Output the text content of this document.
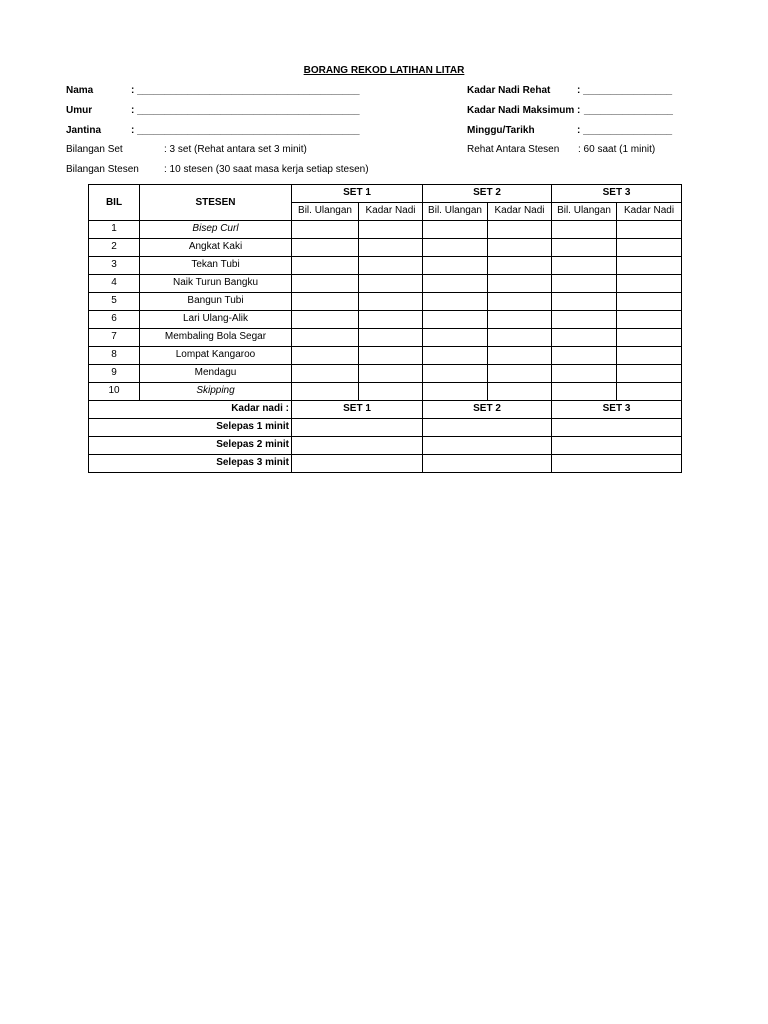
BORANG REKOD LATIHAN LITAR
Nama	: ________________________________________
Umur	: ________________________________________
Jantina	: ________________________________________
Bilangan Set	: 3 set (Rehat antara set 3 minit)
Bilangan Stesen	: 10 stesen (30 saat masa kerja setiap stesen)
Kadar Nadi Rehat	: ________________
Kadar Nadi Maksimum : ________________
Minggu/Tarikh	: ________________
Rehat Antara Stesen : 60 saat (1 minit)
BIL	STESEN	SET 1		SET 2		SET 3	
		Bil. Ulangan	Kadar Nadi	Bil. Ulangan	Kadar Nadi	Bil. Ulangan	Kadar Nadi
1	Bisep Curl						
2	Angkat Kaki						
3	Tekan Tubi						
4	Naik Turun Bangku						
5	Bangun Tubi						
6	Lari Ulang-Alik						
7	Membaling Bola Segar						
8	Lompat Kangaroo						
9	Mendagu						
10	Skipping						
Kadar nadi :		SET 1		SET 2		SET 3	
Selepas 1 minit							
Selepas 2 minit							
Selepas 3 minit							
